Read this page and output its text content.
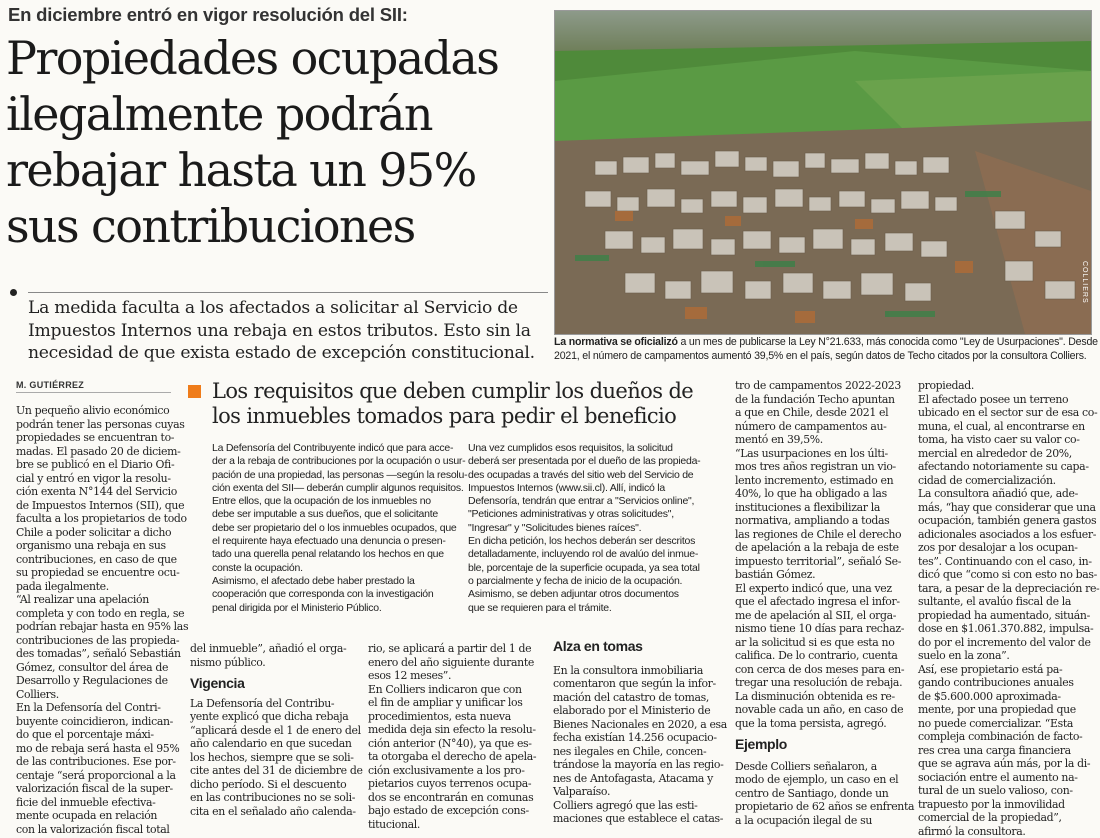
En diciembre entró en vigor resolución del SII:
Propiedades ocupadas
ilegalmente podrán
rebajar hasta un 95%
sus contribuciones
La medida faculta a los afectados a solicitar al Servicio de
Impuestos Internos una rebaja en estos tributos. Esto sin la
necesidad de que exista estado de excepción constitucional.
COLLIERS
La normativa se oficializó a un mes de publicarse la Ley N°21.633, más conocida como "Ley de Usurpaciones". Desde
2021, el número de campamentos aumentó 39,5% en el país, según datos de Techo citados por la consultora Colliers.
M. GUTIÉRREZ
Un pequeño alivio económico
podrán tener las personas cuyas
propiedades se encuentran to-
madas. El pasado 20 de diciem-
bre se publicó en el Diario Ofi-
cial y entró en vigor la resolu-
ción exenta N°144 del Servicio
de Impuestos Internos (SII), que
faculta a los propietarios de todo
Chile a poder solicitar a dicho
organismo una rebaja en sus
contribuciones, en caso de que
su propiedad se encuentre ocu-
pada ilegalmente.
“Al realizar una apelación
completa y con todo en regla, se
podrían rebajar hasta en 95% las
contribuciones de las propieda-
des tomadas”, señaló Sebastián
Gómez, consultor del área de
Desarrollo y Regulaciones de
Colliers.
En la Defensoría del Contri-
buyente coincidieron, indican-
do que el porcentaje máxi-
mo de rebaja será hasta el 95%
de las contribuciones. Ese por-
centaje “será proporcional a la
valorización fiscal de la super-
ficie del inmueble efectiva-
mente ocupada en relación
con la valorización fiscal total
Los requisitos que deben cumplir los dueños de
los inmuebles tomados para pedir el beneficio
La Defensoría del Contribuyente indicó que para acce-
der a la rebaja de contribuciones por la ocupación o usur-
pación de una propiedad, las personas —según la resolu-
ción exenta del SII— deberán cumplir algunos requisitos.
Entre ellos, que la ocupación de los inmuebles no
debe ser imputable a sus dueños, que el solicitante
debe ser propietario del o los inmuebles ocupados, que
el requirente haya efectuado una denuncia o presen-
tado una querella penal relatando los hechos en que
conste la ocupación.
Asimismo, el afectado debe haber prestado la
cooperación que corresponda con la investigación
penal dirigida por el Ministerio Público.
Una vez cumplidos esos requisitos, la solicitud
deberá ser presentada por el dueño de las propieda-
des ocupadas a través del sitio web del Servicio de
Impuestos Internos (www.sii.cl). Allí, indicó la
Defensoría, tendrán que entrar a "Servicios online",
"Peticiones administrativas y otras solicitudes",
"Ingresar" y "Solicitudes bienes raíces".
En dicha petición, los hechos deberán ser descritos
detalladamente, incluyendo rol de avalúo del inmue-
ble, porcentaje de la superficie ocupada, ya sea total
o parcialmente y fecha de inicio de la ocupación.
Asimismo, se deben adjuntar otros documentos
que se requieren para el trámite.
del inmueble”, añadió el orga-
nismo público.
Vigencia
La Defensoría del Contribu-
yente explicó que dicha rebaja
“aplicará desde el 1 de enero del
año calendario en que sucedan
los hechos, siempre que se soli-
cite antes del 31 de diciembre de
dicho período. Si el descuento
en las contribuciones no se soli-
cita en el señalado año calenda-
rio, se aplicará a partir del 1 de
enero del año siguiente durante
esos 12 meses”.
En Colliers indicaron que con
el fin de ampliar y unificar los
procedimientos, esta nueva
medida deja sin efecto la resolu-
ción anterior (N°40), ya que es-
ta otorgaba el derecho de apela-
ción exclusivamente a los pro-
pietarios cuyos terrenos ocupa-
dos se encontrarán en comunas
bajo estado de excepción cons-
titucional.
Alza en tomas
En la consultora inmobiliaria
comentaron que según la infor-
mación del catastro de tomas,
elaborado por el Ministerio de
Bienes Nacionales en 2020, a esa
fecha existían 14.256 ocupacio-
nes ilegales en Chile, concen-
trándose la mayoría en las regio-
nes de Antofagasta, Atacama y
Valparaíso.
Colliers agregó que las esti-
maciones que establece el catas-
tro de campamentos 2022-2023
de la fundación Techo apuntan
a que en Chile, desde 2021 el
número de campamentos au-
mentó en 39,5%.
“Las usurpaciones en los últi-
mos tres años registran un vio-
lento incremento, estimado en
40%, lo que ha obligado a las
instituciones a flexibilizar la
normativa, ampliando a todas
las regiones de Chile el derecho
de apelación a la rebaja de este
impuesto territorial”, señaló Se-
bastián Gómez.
El experto indicó que, una vez
que el afectado ingresa el infor-
me de apelación al SII, el orga-
nismo tiene 10 días para rechaz-
ar la solicitud si es que esta no
califica. De lo contrario, cuenta
con cerca de dos meses para en-
tregar una resolución de rebaja.
La disminución obtenida es re-
novable cada un año, en caso de
que la toma persista, agregó.
Ejemplo
Desde Colliers señalaron, a
modo de ejemplo, un caso en el
centro de Santiago, donde un
propietario de 62 años se enfrenta
a la ocupación ilegal de su
propiedad.
El afectado posee un terreno
ubicado en el sector sur de esa co-
muna, el cual, al encontrarse en
toma, ha visto caer su valor co-
mercial en alrededor de 20%,
afectando notoriamente su capa-
cidad de comercialización.
La consultora añadió que, ade-
más, “hay que considerar que una
ocupación, también genera gastos
adicionales asociados a los esfuer-
zos por desalojar a los ocupan-
tes”. Continuando con el caso, in-
dicó que “como si con esto no bas-
tara, a pesar de la depreciación re-
sultante, el avalúo fiscal de la
propiedad ha aumentado, situán-
dose en $1.061.370.882, impulsa-
do por el incremento del valor de
suelo en la zona”.
Así, ese propietario está pa-
gando contribuciones anuales
de $5.600.000 aproximada-
mente, por una propiedad que
no puede comercializar. “Esta
compleja combinación de facto-
res crea una carga financiera
que se agrava aún más, por la di-
sociación entre el aumento na-
tural de un suelo valioso, con-
trapuesto por la inmovilidad
comercial de la propiedad”,
afirmó la consultora.
